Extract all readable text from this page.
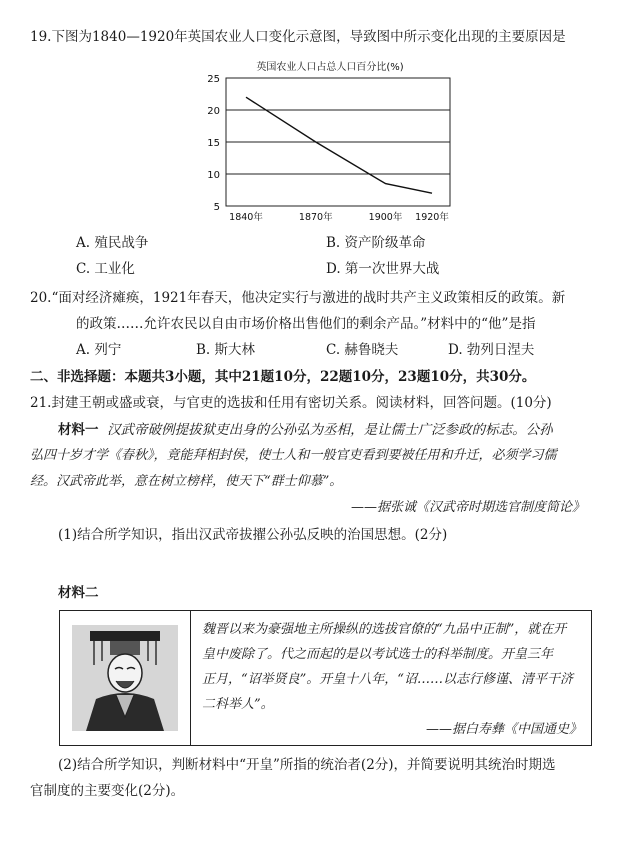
19.下图为1840—1920年英国农业人口变化示意图，导致图中所示变化出现的主要原因是
英国农业人口占总人口百分比(%)
5
10
15
20
25
1840年	1870年	1900年 1920年
A. 殖民战争	B. 资产阶级革命
C. 工业化	D. 第一次世界大战
20.“面对经济瘫痪，1921年春天，他决定实行与激进的战时共产主义政策相反的政策。新
的政策……允许农民以自由市场价格出售他们的剩余产品。”材料中的“他”是指
A. 列宁	B. 斯大林	C. 赫鲁晓夫	D. 勃列日涅夫
二、非选择题：本题共3小题，其中21题10分，22题10分，23题10分，共30分。
21.封建王朝或盛或衰，与官吏的选拔和任用有密切关系。阅读材料，回答问题。(10分)
材料一 汉武帝破例提拔狱吏出身的公孙弘为丞相，是让儒士广泛参政的标志。公孙
弘四十岁才学《春秋》，竟能拜相封侯，使士人和一般官吏看到要被任用和升迁，必须学习儒
经。汉武帝此举，意在树立榜样，使天下“群士仰慕”。
——据张诚《汉武帝时期选官制度简论》
(1)结合所学知识，指出汉武帝拔擢公孙弘反映的治国思想。(2分)
材料二

魏晋以来为豪强地主所操纵的选拔官僚的“九品中正制”，就在开

皇中废除了。代之而起的是以考试选士的科举制度。开皇三年

正月，“诏举贤良”。开皇十八年，“诏……以志行修谨、清平干济

二科举人”。

——据白寿彝《中国通史》

(2)结合所学知识，判断材料中“开皇”所指的统治者(2分)，并简要说明其统治时期选
官制度的主要变化(2分)。
